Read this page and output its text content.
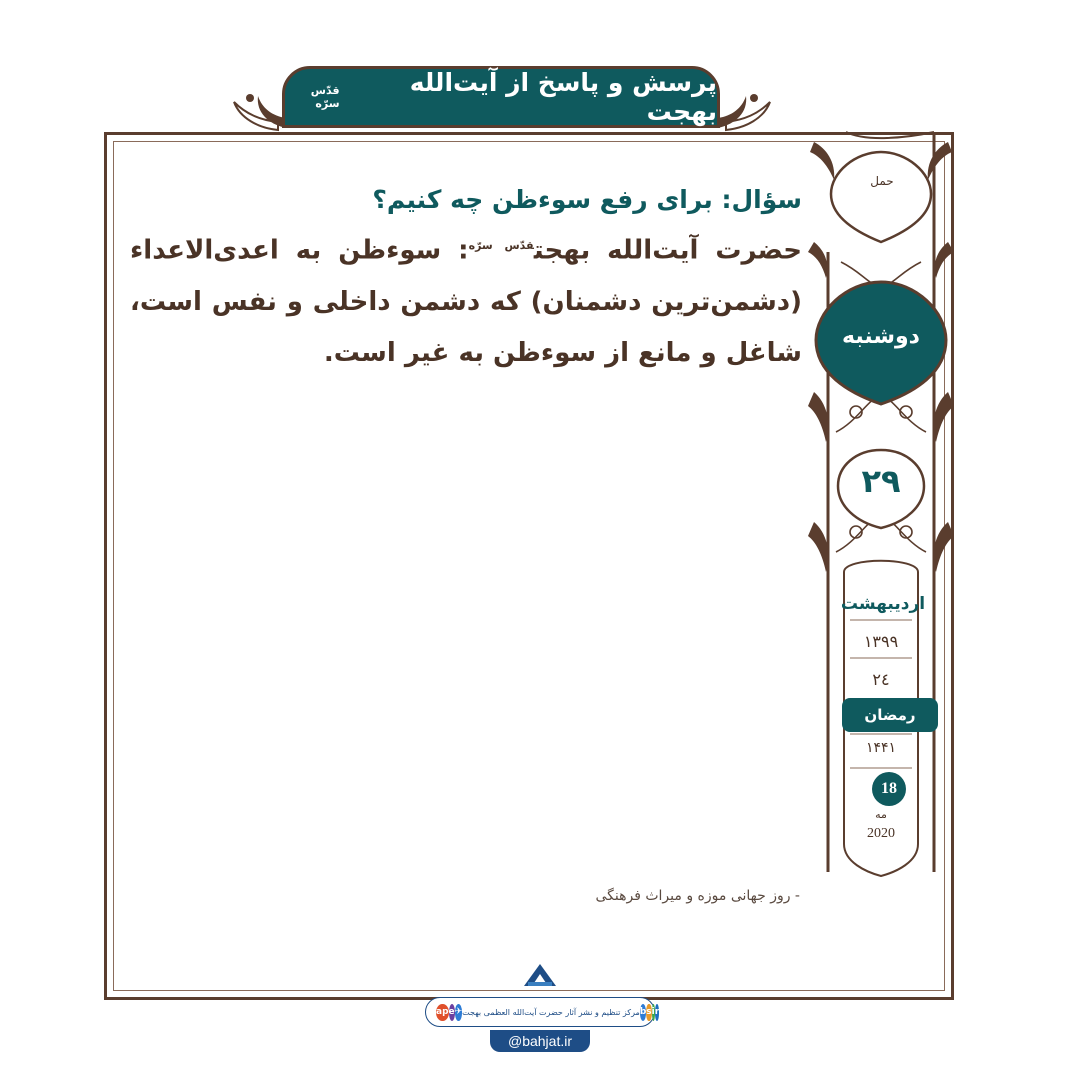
پرسش و پاسخ از آیت‌الله بهجت
قدّس سرّه
سؤال: برای رفع سوءظن چه کنیم؟
حضرت آیت‌الله بهجت$^{قدّس سرّه}$: سوءظن به اعدی‌الاعداء (دشمن‌ترین دشمنان) که دشمن داخلی و نفس است، شاغل و مانع از سوءظن به غیر است.
- روز جهانی موزه و میراث فرهنگی
حمل
دوشنبه
۲۹
اردیبهشت
۱۳۹۹
۲٤
رمضان
۱۴۴۱
مه
2020
18
ap e ✈ مرکز تنظیم و نشر آثار حضرت آیت‌الله العظمی بهجت b s i r
@bahjat.ir
